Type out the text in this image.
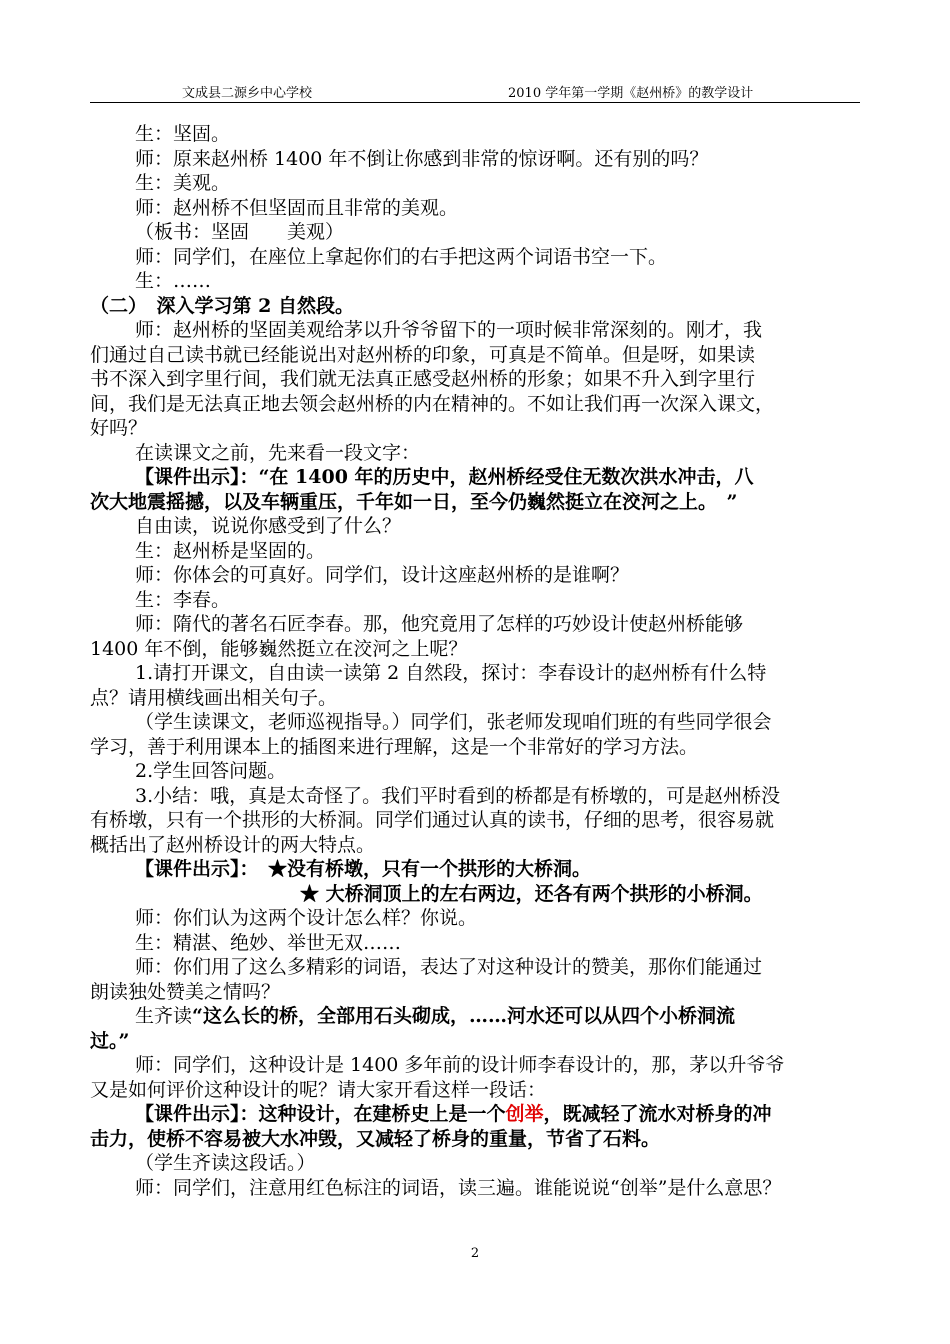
文成县二源乡中心学校	2010 学年第一学期《赵州桥》的教学设计
生：坚固。
师：原来赵州桥 1400 年不倒让你感到非常的惊讶啊。还有别的吗？
生：美观。
师：赵州桥不但坚固而且非常的美观。
（板书：坚固　　美观）
师：同学们，在座位上拿起你们的右手把这两个词语书空一下。
生：……
（二）　深入学习第 2 自然段。
师：赵州桥的坚固美观给茅以升爷爷留下的一项时候非常深刻的。刚才，我
们通过自己读书就已经能说出对赵州桥的印象，可真是不简单。但是呀，如果读
书不深入到字里行间，我们就无法真正感受赵州桥的形象；如果不升入到字里行
间，我们是无法真正地去领会赵州桥的内在精神的。不如让我们再一次深入课文，
好吗？
在读课文之前，先来看一段文字：
【课件出示】：“在 1400 年的历史中，赵州桥经受住无数次洪水冲击，八
次大地震摇撼，以及车辆重压，千年如一日，至今仍巍然挺立在洨河之上。　”
自由读，说说你感受到了什么？
生：赵州桥是坚固的。
师：你体会的可真好。同学们，设计这座赵州桥的是谁啊？
生：李春。
师：隋代的著名石匠李春。那，他究竟用了怎样的巧妙设计使赵州桥能够
1400 年不倒，能够巍然挺立在洨河之上呢？
1.请打开课文，自由读一读第 2 自然段，探讨：李春设计的赵州桥有什么特
点？请用横线画出相关句子。
（学生读课文，老师巡视指导。）同学们，张老师发现咱们班的有些同学很会
学习，善于利用课本上的插图来进行理解，这是一个非常好的学习方法。
2.学生回答问题。
3.小结：哦，真是太奇怪了。我们平时看到的桥都是有桥墩的，可是赵州桥没
有桥墩，只有一个拱形的大桥洞。同学们通过认真的读书，仔细的思考，很容易就
概括出了赵州桥设计的两大特点。
【课件出示】：　★没有桥墩，只有一个拱形的大桥洞。
★ 大桥洞顶上的左右两边，还各有两个拱形的小桥洞。
师：你们认为这两个设计怎么样？你说。
生：精湛、绝妙、举世无双……
师：你们用了这么多精彩的词语，表达了对这种设计的赞美，那你们能通过
朗读独处赞美之情吗？
生齐读“这么长的桥，全部用石头砌成，……河水还可以从四个小桥洞流
过。”
师：同学们，这种设计是 1400 多年前的设计师李春设计的，那，茅以升爷爷
又是如何评价这种设计的呢？请大家开看这样一段话：
【课件出示】：这种设计，在建桥史上是一个创举，既减轻了流水对桥身的冲
击力，使桥不容易被大水冲毁，又减轻了桥身的重量，节省了石料。
（学生齐读这段话。）
师：同学们，注意用红色标注的词语，读三遍。谁能说说“创举”是什么意思？
2
